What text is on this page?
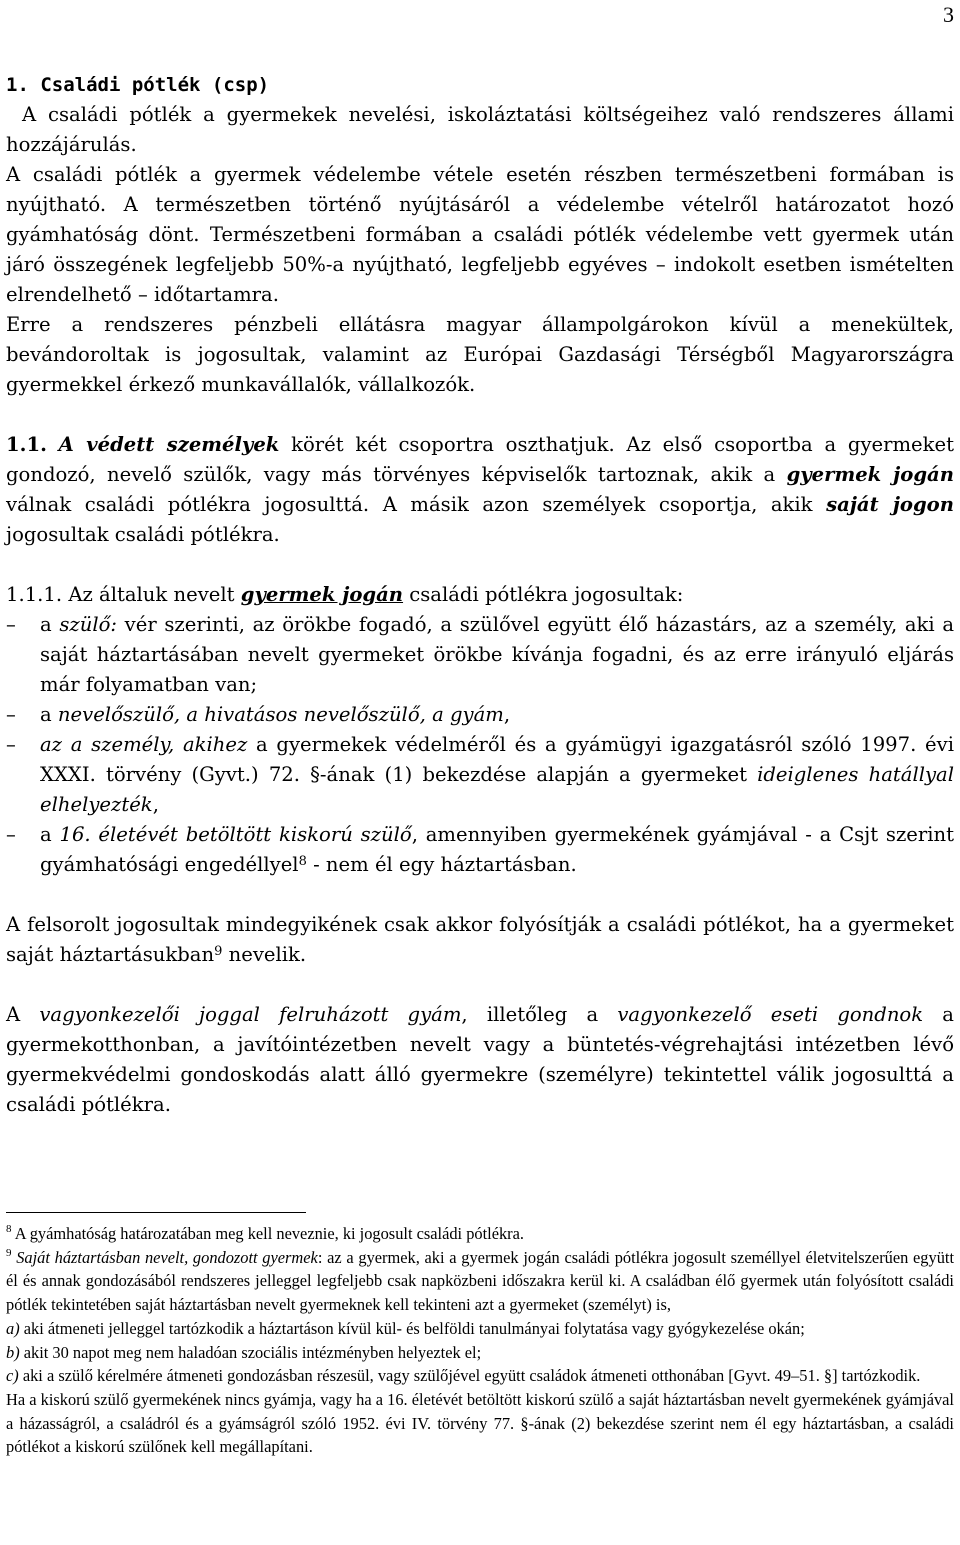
3

1. Családi pótlék (csp)

A családi pótlék a gyermekek nevelési, iskoláztatási költségeihez való rendszeres állami hozzájárulás.

A családi pótlék a gyermek védelembe vétele esetén részben természetbeni formában is nyújtható. A természetben történő nyújtásáról a védelembe vételről határozatot hozó gyámhatóság dönt. Természetbeni formában a családi pótlék védelembe vett gyermek után járó összegének legfeljebb 50%-a nyújtható, legfeljebb egyéves – indokolt esetben ismételten elrendelhető – időtartamra.

Erre a rendszeres pénzbeli ellátásra magyar állampolgárokon kívül a menekültek, bevándoroltak is jogosultak, valamint az Európai Gazdasági Térségből Magyarországra gyermekkel érkező munkavállalók, vállalkozók.

1.1. A védett személyek körét két csoportra oszthatjuk. Az első csoportba a gyermeket gondozó, nevelő szülők, vagy más törvényes képviselők tartoznak, akik a gyermek jogán válnak családi pótlékra jogosulttá. A másik azon személyek csoportja, akik saját jogon jogosultak családi pótlékra.

1.1.1. Az általuk nevelt gyermek jogán családi pótlékra jogosultak:

– a szülő: vér szerinti, az örökbe fogadó, a szülővel együtt élő házastárs, az a személy, aki a saját háztartásában nevelt gyermeket örökbe kívánja fogadni, és az erre irányuló eljárás már folyamatban van;
– a nevelőszülő, a hivatásos nevelőszülő, a gyám,
– az a személy, akihez a gyermekek védelméről és a gyámügyi igazgatásról szóló 1997. évi XXXI. törvény (Gyvt.) 72. §-ának (1) bekezdése alapján a gyermeket ideiglenes hatállyal elhelyezték,
– a 16. életévét betöltött kiskorú szülő, amennyiben gyermekének gyámjával - a Csjt szerint gyámhatósági engedéllyel$^8$ - nem él egy háztartásban.

A felsorolt jogosultak mindegyikének csak akkor folyósítják a családi pótlékot, ha a gyermeket saját háztartásukban$^9$ nevelik.

A vagyonkezelői joggal felruházott gyám, illetőleg a vagyonkezelő eseti gondnok a gyermekotthonban, a javítóintézetben nevelt vagy a büntetés-végrehajtási intézetben lévő gyermekvédelmi gondoskodás alatt álló gyermekre (személyre) tekintettel válik jogosulttá a családi pótlékra.

$^8$ A gyámhatóság határozatában meg kell neveznie, ki jogosult családi pótlékra.

$^9$ Saját háztartásban nevelt, gondozott gyermek: az a gyermek, aki a gyermek jogán családi pótlékra jogosult személlyel életvitelszerűen együtt él és annak gondozásából rendszeres jelleggel legfeljebb csak napközbeni időszakra kerül ki. A családban élő gyermek után folyósított családi pótlék tekintetében saját háztartásban nevelt gyermeknek kell tekinteni azt a gyermeket (személyt) is,

a) aki átmeneti jelleggel tartózkodik a háztartáson kívül kül- és belföldi tanulmányai folytatása vagy gyógykezelése okán;

b) akit 30 napot meg nem haladóan szociális intézményben helyeztek el;

c) aki a szülő kérelmére átmeneti gondozásban részesül, vagy szülőjével együtt családok átmeneti otthonában [Gyvt. 49–51. §] tartózkodik.

Ha a kiskorú szülő gyermekének nincs gyámja, vagy ha a 16. életévét betöltött kiskorú szülő a saját háztartásban nevelt gyermekének gyámjával a házasságról, a családról és a gyámságról szóló 1952. évi IV. törvény 77. §-ának (2) bekezdése szerint nem él egy háztartásban, a családi pótlékot a kiskorú szülőnek kell megállapítani.
